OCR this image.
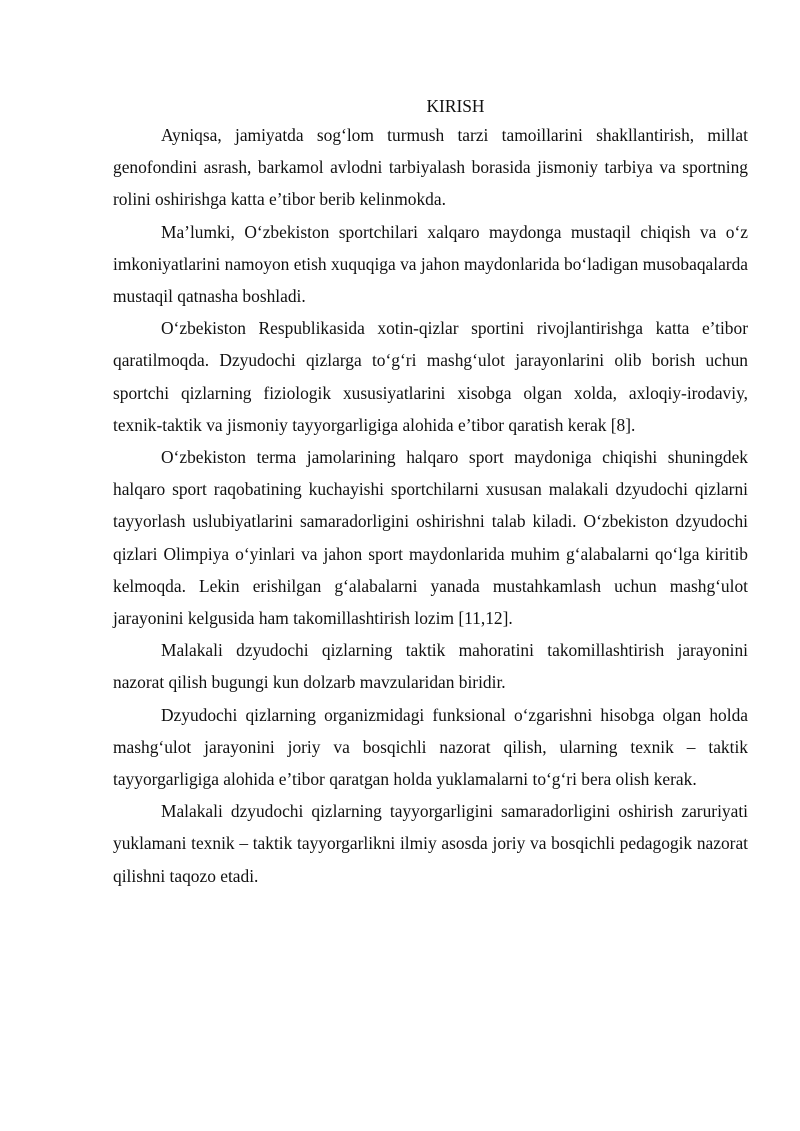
KIRISH

Ayniqsa, jamiyatda sog‘lom turmush tarzi tamoillarini shakllantirish, millat genofondini asrash, barkamol avlodni tarbiyalash borasida jismoniy tarbiya va sportning rolini oshirishga katta e’tibor berib kelinmokda.

Ma’lumki, O‘zbekiston sportchilari xalqaro maydonga mustaqil chiqish va o‘z imkoniyatlarini namoyon etish xuquqiga va jahon maydonlarida bo‘ladigan musobaqalarda mustaqil qatnasha boshladi.

O‘zbekiston Respublikasida xotin-qizlar sportini rivojlantirishga katta e’tibor qaratilmoqda. Dzyudochi qizlarga to‘g‘ri mashg‘ulot jarayonlarini olib borish uchun sportchi qizlarning fiziologik xususiyatlarini xisobga olgan xolda, axloqiy-irodaviy, texnik-taktik va jismoniy tayyorgarligiga alohida e’tibor qaratish kerak [8].

O‘zbekiston terma jamolarining halqaro sport maydoniga chiqishi shuningdek halqaro sport raqobatining kuchayishi sportchilarni xususan malakali dzyudochi qizlarni tayyorlash uslubiyatlarini samaradorligini oshirishni talab kiladi. O‘zbekiston dzyudochi qizlari Olimpiya o‘yinlari va jahon sport maydonlarida muhim g‘alabalarni qo‘lga kiritib kelmoqda. Lekin erishilgan g‘alabalarni yanada mustahkamlash uchun mashg‘ulot jarayonini kelgusida ham takomillashtirish lozim [11,12].

Malakali dzyudochi qizlarning taktik mahoratini takomillashtirish jarayonini nazorat qilish bugungi kun dolzarb mavzularidan biridir.

Dzyudochi qizlarning organizmidagi funksional o‘zgarishni hisobga olgan holda mashg‘ulot jarayonini joriy va bosqichli nazorat qilish, ularning texnik – taktik tayyorgarligiga alohida e’tibor qaratgan holda yuklamalarni to‘g‘ri bera olish kerak.

Malakali dzyudochi qizlarning tayyorgarligini samaradorligini oshirish zaruriyati yuklamani texnik – taktik tayyorgarlikni ilmiy asosda joriy va bosqichli pedagogik nazorat qilishni taqozo etadi.
